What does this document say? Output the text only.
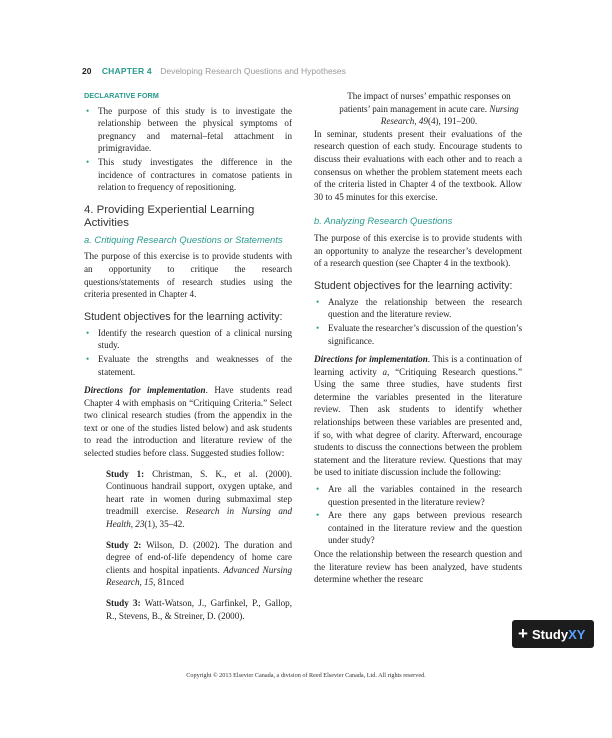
20 CHAPTER 4 Developing Research Questions and Hypotheses
DECLARATIVE FORM
• The purpose of this study is to investigate the relationship between the physical symptoms of pregnancy and maternal–fetal attachment in primigravidae.
• This study investigates the difference in the incidence of contractures in comatose patients in relation to frequency of repositioning.
4. Providing Experiential Learning Activities
a. Critiquing Research Questions or Statements

The purpose of this exercise is to provide students with an opportunity to critique the research questions/statements of research studies using the criteria presented in Chapter 4.

Student objectives for the learning activity:
• Identify the research question of a clinical nursing study.
• Evaluate the strengths and weaknesses of the statement.

Directions for implementation. Have students read Chapter 4 with emphasis on “Critiquing Criteria.” Select two clinical research studies (from the appendix in the text or one of the studies listed below) and ask students to read the introduction and literature review of the selected studies before class. Suggested studies follow:

Study 1: Christman, S. K., et al. (2000). Continuous handrail support, oxygen uptake, and heart rate in women during submaximal step treadmill exercise. Research in Nursing and Health, 23(1), 35–42.
Study 2: Wilson, D. (2002). The duration and degree of end-of-life dependency of home care clients and hospital inpatients. Advanced Nursing Research, 15, 81nced
Study 3: Watt-Watson, J., Garfinkel, P., Gallop, R., Stevens, B., & Streiner, D. (2000).

The impact of nurses’ empathic responses on patients’ pain management in acute care. Nursing Research, 49(4), 191–200.

In seminar, students present their evaluations of the research question of each study. Encourage students to discuss their evaluations with each other and to reach a consensus on whether the problem statement meets each of the criteria listed in Chapter 4 of the textbook. Allow 30 to 45 minutes for this exercise.

b. Analyzing Research Questions

The purpose of this exercise is to provide students with an opportunity to analyze the researcher’s development of a research question (see Chapter 4 in the textbook).

Student objectives for the learning activity:
• Analyze the relationship between the research question and the literature review.
• Evaluate the researcher’s discussion of the question’s significance.

Directions for implementation. This is a continuation of learning activity a, “Critiquing Research questions.” Using the same three studies, have students first determine the variables presented in the literature review. Then ask students to identify whether relationships between these variables are presented and, if so, with what degree of clarity. Afterward, encourage students to discuss the connections between the problem statement and the literature review. Questions that may be used to initiate discussion include the following:

• Are all the variables contained in the research question presented in the literature review?
• Are there any gaps between previous research contained in the literature review and the question under study?

Once the relationship between the research question and the literature review has been analyzed, have students determine whether the researc

+ StudyXY
Copyright © 2013 Elsevier Canada, a division of Reed Elsevier Canada, Ltd. All rights reserved.
